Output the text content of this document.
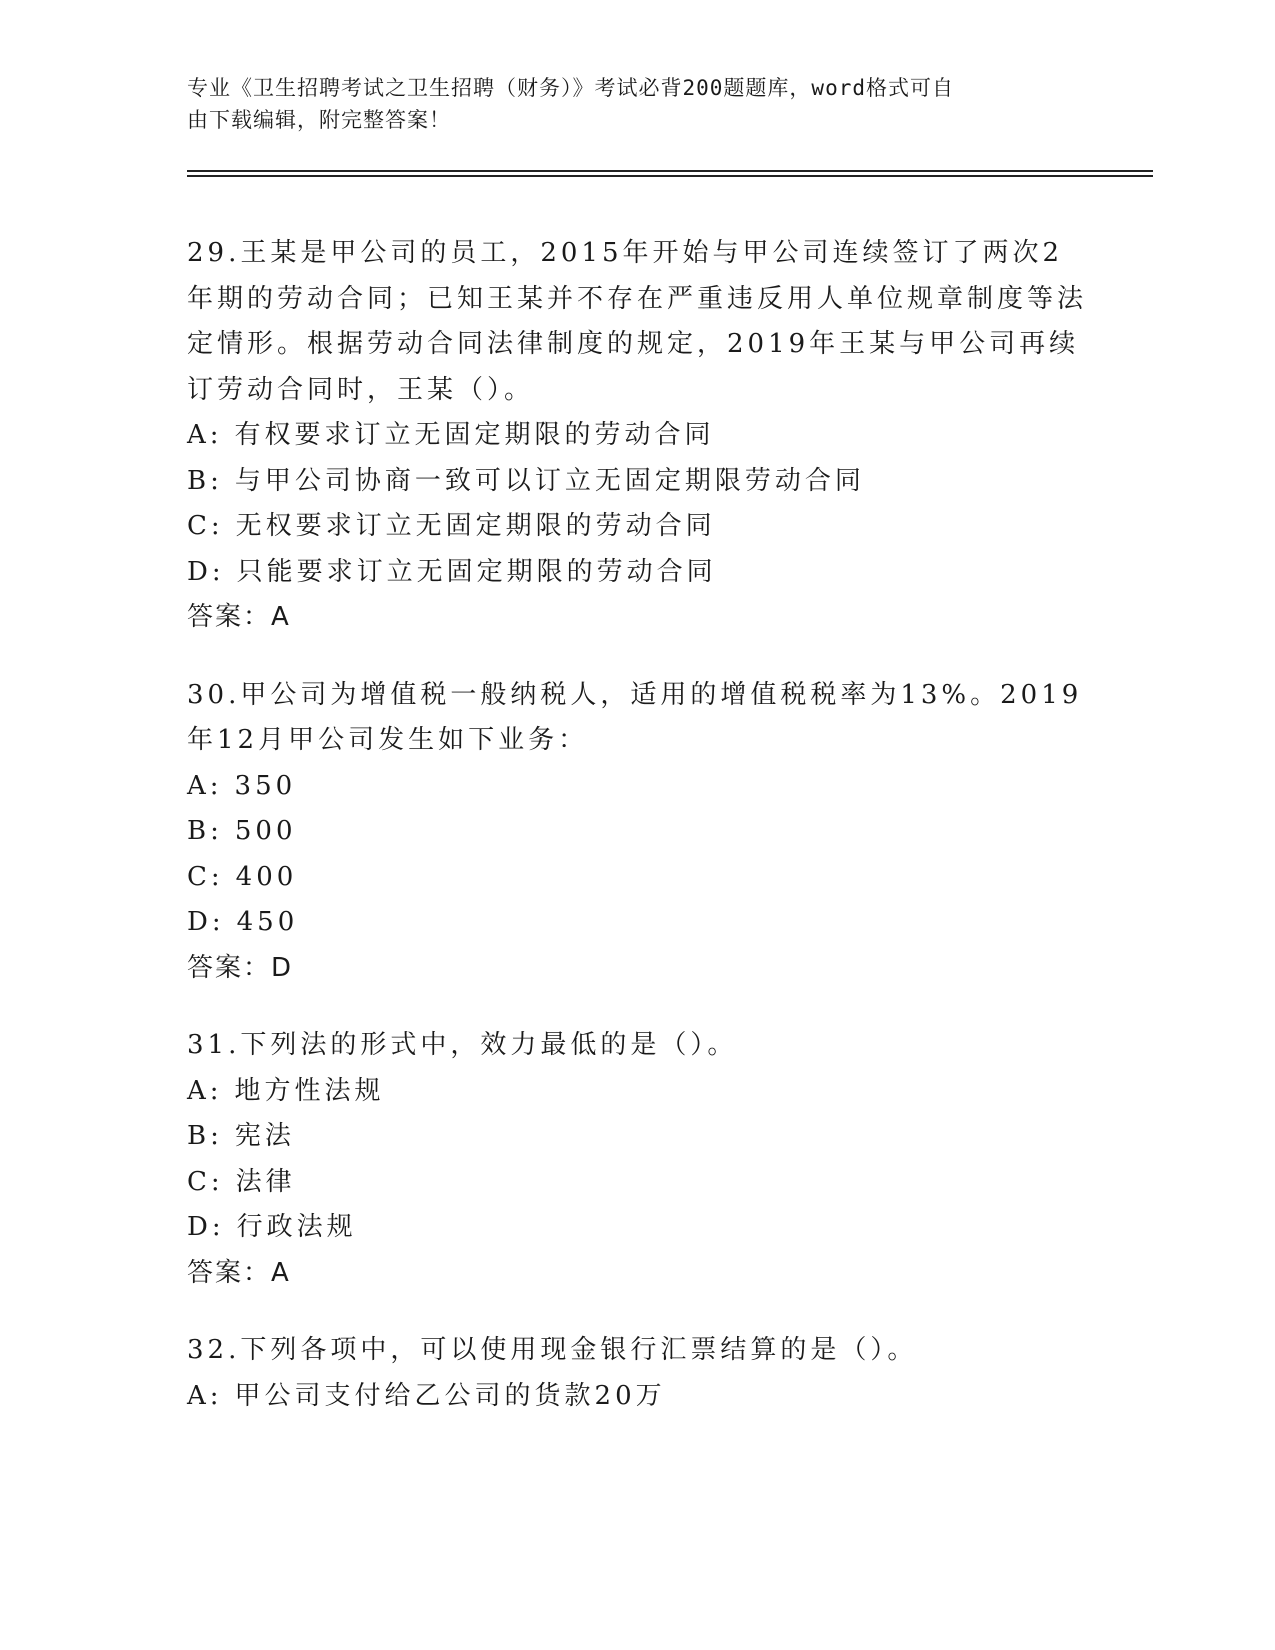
专业《卫生招聘考试之卫生招聘（财务）》考试必背200题题库，word格式可自
由下载编辑，附完整答案！

29.王某是甲公司的员工，2015年开始与甲公司连续签订了两次2年期的劳动合同；已知王某并不存在严重违反用人单位规章制度等法定情形。根据劳动合同法律制度的规定，2019年王某与甲公司再续订劳动合同时，王某（）。

A: 有权要求订立无固定期限的劳动合同

B: 与甲公司协商一致可以订立无固定期限劳动合同

C: 无权要求订立无固定期限的劳动合同

D: 只能要求订立无固定期限的劳动合同

答案：A

30.甲公司为增值税一般纳税人，适用的增值税税率为13%。2019年12月甲公司发生如下业务：

A: 350

B: 500

C: 400

D: 450

答案：D

31.下列法的形式中，效力最低的是（）。

A: 地方性法规

B: 宪法

C: 法律

D: 行政法规

答案：A

32.下列各项中，可以使用现金银行汇票结算的是（）。

A: 甲公司支付给乙公司的货款20万
